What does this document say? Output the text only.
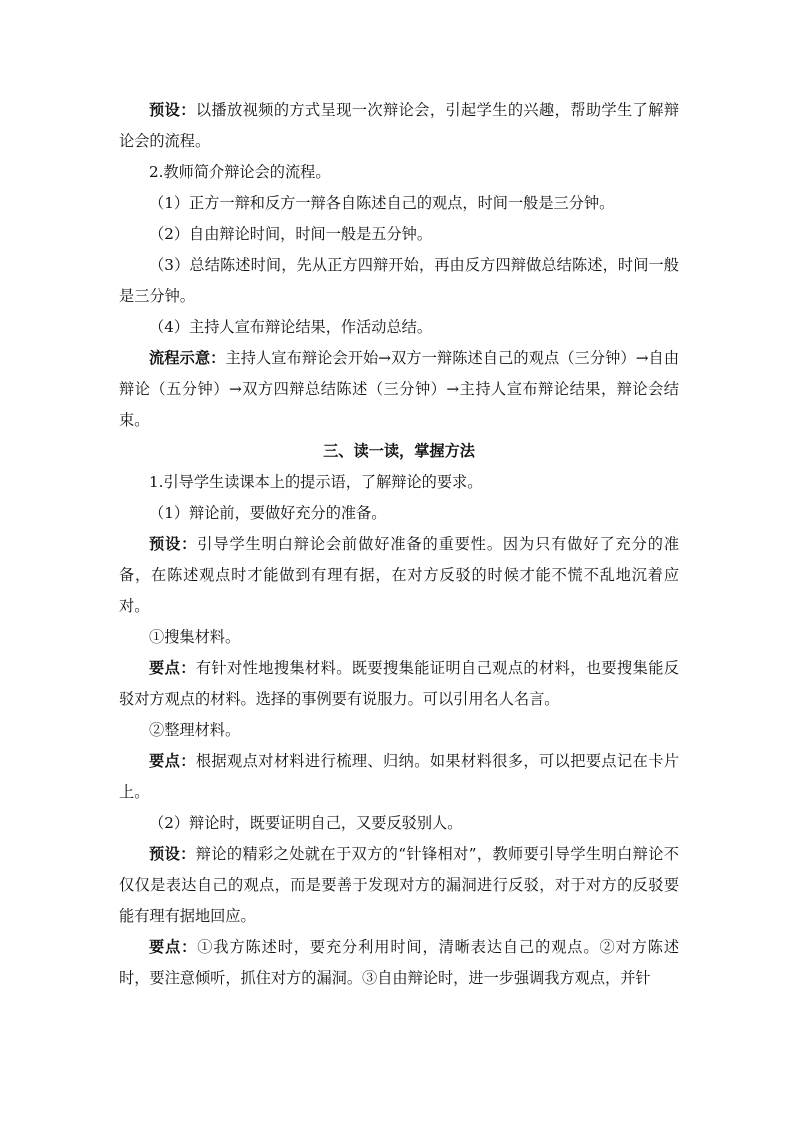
预设：以播放视频的方式呈现一次辩论会，引起学生的兴趣，帮助学生了解辩论会的流程。

2.教师简介辩论会的流程。

（1）正方一辩和反方一辩各自陈述自己的观点，时间一般是三分钟。

（2）自由辩论时间，时间一般是五分钟。

（3）总结陈述时间，先从正方四辩开始，再由反方四辩做总结陈述，时间一般是三分钟。

（4）主持人宣布辩论结果，作活动总结。

流程示意：主持人宣布辩论会开始→双方一辩陈述自己的观点（三分钟）→自由辩论（五分钟）→双方四辩总结陈述（三分钟）→主持人宣布辩论结果，辩论会结束。

三、读一读，掌握方法

1.引导学生读课本上的提示语，了解辩论的要求。

（1）辩论前，要做好充分的准备。

预设：引导学生明白辩论会前做好准备的重要性。因为只有做好了充分的准备，在陈述观点时才能做到有理有据，在对方反驳的时候才能不慌不乱地沉着应对。

①搜集材料。

要点：有针对性地搜集材料。既要搜集能证明自己观点的材料，也要搜集能反驳对方观点的材料。选择的事例要有说服力。可以引用名人名言。

②整理材料。

要点：根据观点对材料进行梳理、归纳。如果材料很多，可以把要点记在卡片上。

（2）辩论时，既要证明自己，又要反驳别人。

预设：辩论的精彩之处就在于双方的“针锋相对”，教师要引导学生明白辩论不仅仅是表达自己的观点，而是要善于发现对方的漏洞进行反驳，对于对方的反驳要能有理有据地回应。

要点：①我方陈述时，要充分利用时间，清晰表达自己的观点。②对方陈述时，要注意倾听，抓住对方的漏洞。③自由辩论时，进一步强调我方观点，并针
